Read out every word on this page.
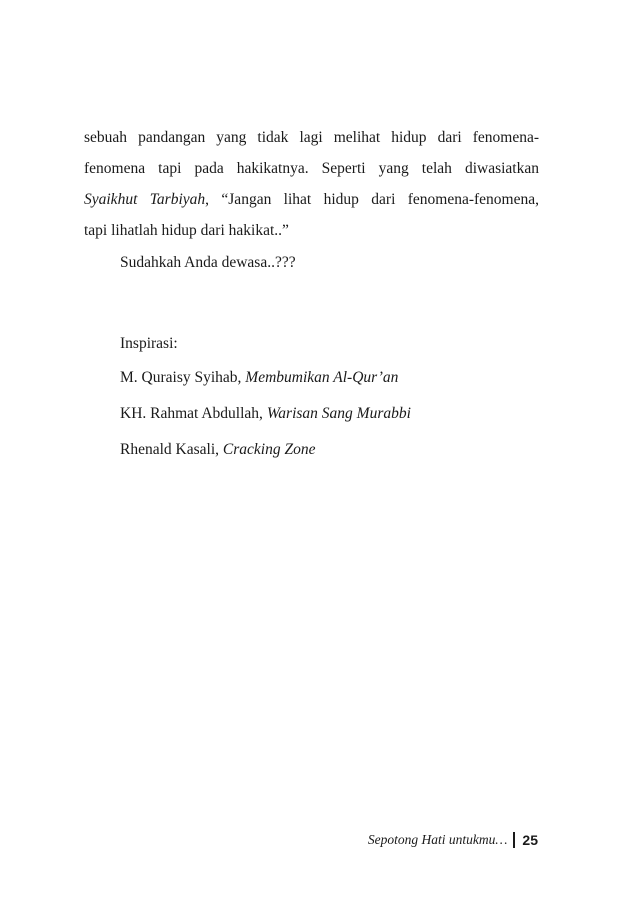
sebuah pandangan yang tidak lagi melihat hidup dari fenomena-
fenomena tapi pada hakikatnya. Seperti yang telah diwasiatkan
Syaikhut Tarbiyah, “Jangan lihat hidup dari fenomena-fenomena,
tapi lihatlah hidup dari hakikat..”
Sudahkah Anda dewasa..???
Inspirasi:
M. Quraisy Syihab, Membumikan Al-Qur’an
KH. Rahmat Abdullah, Warisan Sang Murabbi
Rhenald Kasali, Cracking Zone
Sepotong Hati untukmu… 25
